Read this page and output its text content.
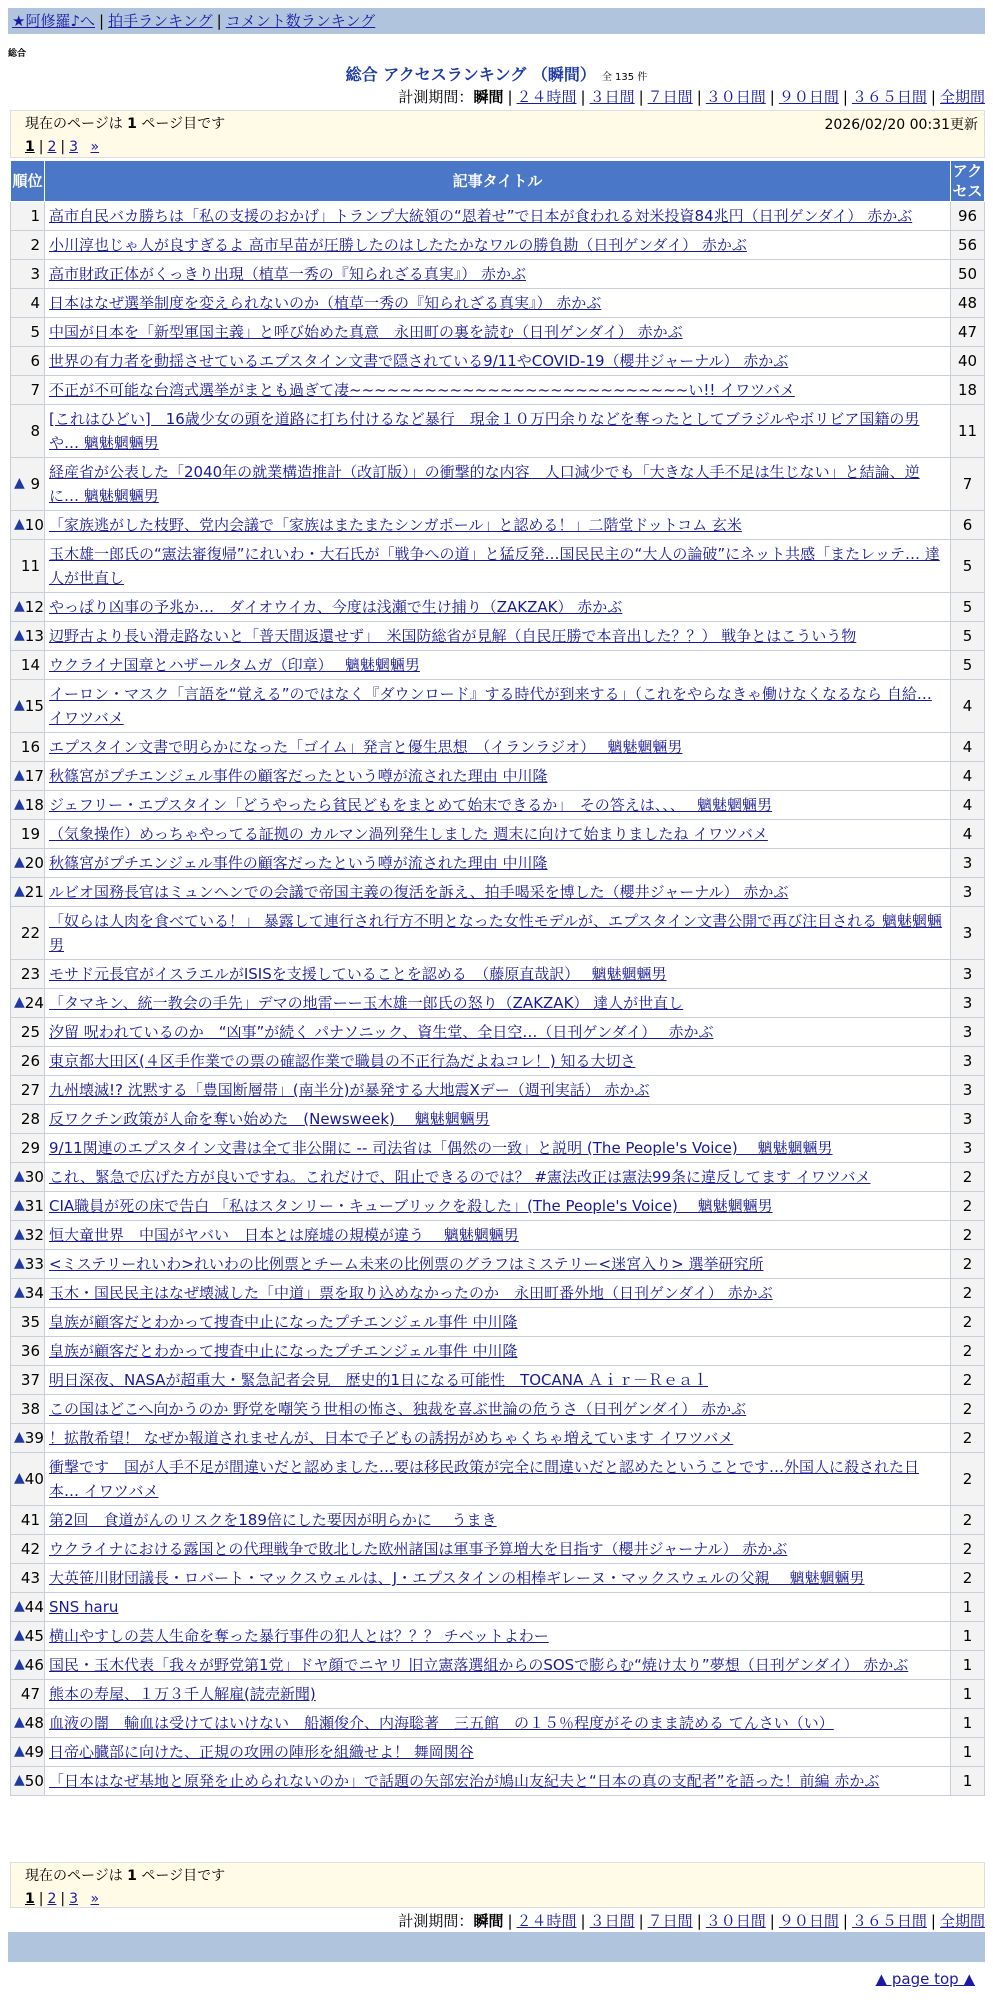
★阿修羅♪へ | 拍手ランキング | コメント数ランキング
総合
総合 アクセスランキング （瞬間） 全 135 件
計測期間：瞬間 | ２４時間 | ３日間 | ７日間 | ３０日間 | ９０日間 | ３６５日間 | 全期間
現在のページは 1 ページ目です	2026/02/20 00:31更新
1 | 2 | 3 »
順位	記事タイトル	アクセス
1	高市自民バカ勝ちは「私の支援のおかげ」トランプ大統領の“恩着せ”で日本が食われる対米投資84兆円（日刊ゲンダイ） 赤かぶ	96
2	小川淳也じゃ人が良すぎるよ 高市早苗が圧勝したのはしたたかなワルの勝負勘（日刊ゲンダイ） 赤かぶ	56
3	高市財政正体がくっきり出現（植草一秀の『知られざる真実』） 赤かぶ	50
4	日本はなぜ選挙制度を変えられないのか（植草一秀の『知られざる真実』） 赤かぶ	48
5	中国が日本を「新型軍国主義」と呼び始めた真意　永田町の裏を読む（日刊ゲンダイ） 赤かぶ	47
6	世界の有力者を動揺させているエプスタイン文書で隠されている9/11やCOVID-19（櫻井ジャーナル） 赤かぶ	40
7	不正が不可能な台湾式選挙がまとも過ぎて凄~~~~~~~~~~~~~~~~~~~~~~~~~~~い!! イワツバメ	18
8	[これはひどい]　16歳少女の頭を道路に打ち付けるなど暴行　現金１０万円余りなどを奪ったとしてブラジルやボリビア国籍の男や… 魑魅魍魎男	11

▲ 9	経産省が公表した「2040年の就業構造推計（改訂版）」の衝撃的な内容　人口減少でも「大きな人手不足は生じない」と結論、逆に… 魑魅魍魎男	7

▲ 10	「家族逃がした枝野、党内会議で「家族はまたまたシンガポール」と認める！」二階堂ドットコム 玄米	6
11	玉木雄一郎氏の“憲法審復帰”にれいわ・大石氏が「戦争への道」と猛反発…国民民主の“大人の論破”にネット共感「またレッテ… 達人が世直し	5

▲ 12	やっぱり凶事の予兆か…　ダイオウイカ、今度は浅瀬で生け捕り（ZAKZAK） 赤かぶ	5

▲ 13	辺野古より長い滑走路ないと「普天間返還せず」　米国防総省が見解（自民圧勝で本音出した？？） 戦争とはこういう物	5
14	ウクライナ国章とハザールタムガ（印章）　 魑魅魍魎男	5

▲ 15	イーロン・マスク「言語を“覚える”のではなく『ダウンロード』する時代が到来する」（これをやらなきゃ働けなくなるなら 自給… イワツバメ	4
16	エプスタイン文書で明らかになった「ゴイム」発言と優生思想　（イランラジオ）　 魑魅魍魎男	4

▲ 17	秋篠宮がプチエンジェル事件の顧客だったという噂が流された理由 中川隆	4

▲ 18	ジェフリー・エプスタイン「どうやったら貧民どもをまとめて始末できるか」　その答えは、、、　 魑魅魍魎男	4
19	（気象操作）めっちゃやってる証拠の カルマン渦列発生しました 週末に向けて始まりましたね イワツバメ	4

▲ 20	秋篠宮がプチエンジェル事件の顧客だったという噂が流された理由 中川隆	3

▲ 21	ルビオ国務長官はミュンヘンでの会議で帝国主義の復活を訴え、拍手喝采を博した（櫻井ジャーナル） 赤かぶ	3
22	「奴らは人肉を食べている！」 暴露して連行され行方不明となった女性モデルが、エプスタイン文書公開で再び注目される 魑魅魍魎男	3
23	モサド元長官がイスラエルがISISを支援していることを認める　（藤原直哉訳）　 魑魅魍魎男	3

▲ 24	「タマキン、統一教会の手先」デマの地雷ーー玉木雄一郎氏の怒り（ZAKZAK） 達人が世直し	3
25	汐留 呪われているのか　“凶事”が続く パナソニック、資生堂、全日空…（日刊ゲンダイ）　 赤かぶ	3
26	東京都大田区(４区手作業での票の確認作業で職員の不正行為だよねコレ！) 知る大切さ	3
27	九州壊滅!? 沈黙する「豊国断層帯」(南半分)が暴発する大地震Xデー（週刊実話） 赤かぶ	3
28	反ワクチン政策が人命を奪い始めた　(Newsweek)　 魑魅魍魎男	3
29	9/11関連のエプスタイン文書は全て非公開に -- 司法省は「偶然の一致」と説明 (The People's Voice)　 魑魅魍魎男	3

▲ 30	これ、緊急で広げた方が良いですね。これだけで、阻止できるのでは？ #憲法改正は憲法99条に違反してます イワツバメ	2

▲ 31	CIA職員が死の床で告白 「私はスタンリー・キューブリックを殺した」(The People's Voice)　 魑魅魍魎男	2

▲ 32	恒大童世界　中国がヤバい　日本とは廃墟の規模が違う　 魑魅魍魎男	2

▲ 33	<ミステリーれいわ>れいわの比例票とチーム未来の比例票のグラフはミステリー<迷宮入り> 選挙研究所	2

▲ 34	玉木・国民民主はなぜ壊滅した「中道」票を取り込めなかったのか　永田町番外地（日刊ゲンダイ） 赤かぶ	2
35	皇族が顧客だとわかって捜査中止になったプチエンジェル事件 中川隆	2
36	皇族が顧客だとわかって捜査中止になったプチエンジェル事件 中川隆	2
37	明日深夜、NASAが超重大・緊急記者会見　歴史的1日になる可能性　TOCANA Ａｉｒ－Ｒｅａｌ	2
38	この国はどこへ向かうのか 野党を嘲笑う世相の怖さ、独裁を喜ぶ世論の危うさ（日刊ゲンダイ） 赤かぶ	2

▲ 39	！拡散希望！ なぜか報道されませんが、日本で子どもの誘拐がめちゃくちゃ増えています イワツバメ	2

▲ 40	衝撃です　国が人手不足が間違いだと認めました…要は移民政策が完全に間違いだと認めたということです…外国人に殺された日本… イワツバメ	2
41	第2回　食道がんのリスクを189倍にした要因が明らかに　 うまき	2
42	ウクライナにおける露国との代理戦争で敗北した欧州諸国は軍事予算増大を目指す（櫻井ジャーナル） 赤かぶ	2
43	大英笹川財団議長・ロバート・マックスウェルは、J・エプスタインの相棒ギレーヌ・マックスウェルの父親　 魑魅魍魎男	2

▲ 44	SNS haru	1

▲ 45	横山やすしの芸人生命を奪った暴行事件の犯人とは？？？ チベットよわー	1

▲ 46	国民・玉木代表「我々が野党第1党」ドヤ顔でニヤリ 旧立憲落選組からのSOSで膨らむ“焼け太り”夢想（日刊ゲンダイ） 赤かぶ	1
47	熊本の寿屋、１万３千人解雇(読売新聞)	1

▲ 48	血液の闇　輸血は受けてはいけない　船瀬俊介、内海聡著　三五館　の１５％程度がそのまま読める てんさい（い）	1

▲ 49	日帝心臓部に向けた、正規の攻囲の陣形を組織せよ！ 舞岡関谷	1

▲ 50	「日本はなぜ基地と原発を止められないのか」で話題の矢部宏治が鳩山友紀夫と“日本の真の支配者”を語った！前編 赤かぶ	1
現在のページは 1 ページ目です
1 | 2 | 3 »
計測期間：瞬間 | ２４時間 | ３日間 | ７日間 | ３０日間 | ９０日間 | ３６５日間 | 全期間
▲ page top ▲
